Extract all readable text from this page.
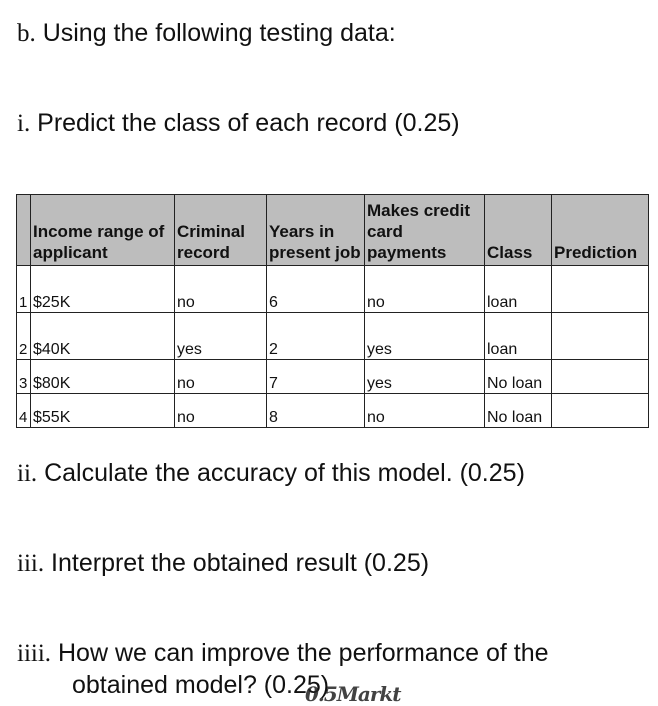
b. Using the following testing data:
i. Predict the class of each record (0.25)
	Income range of applicant	Criminal record	Years in present job	Makes credit card payments	Class	Prediction
1	$25K	no	6	no	loan	
2	$40K	yes	2	yes	loan	
3	$80K	no	7	yes	No loan	
4	$55K	no	8	no	No loan	
ii. Calculate the accuracy of this model. (0.25)
iii. Interpret the obtained result (0.25)
iiii. How we can improve the performance of the
obtained model? (0.25)
0.5Markt
